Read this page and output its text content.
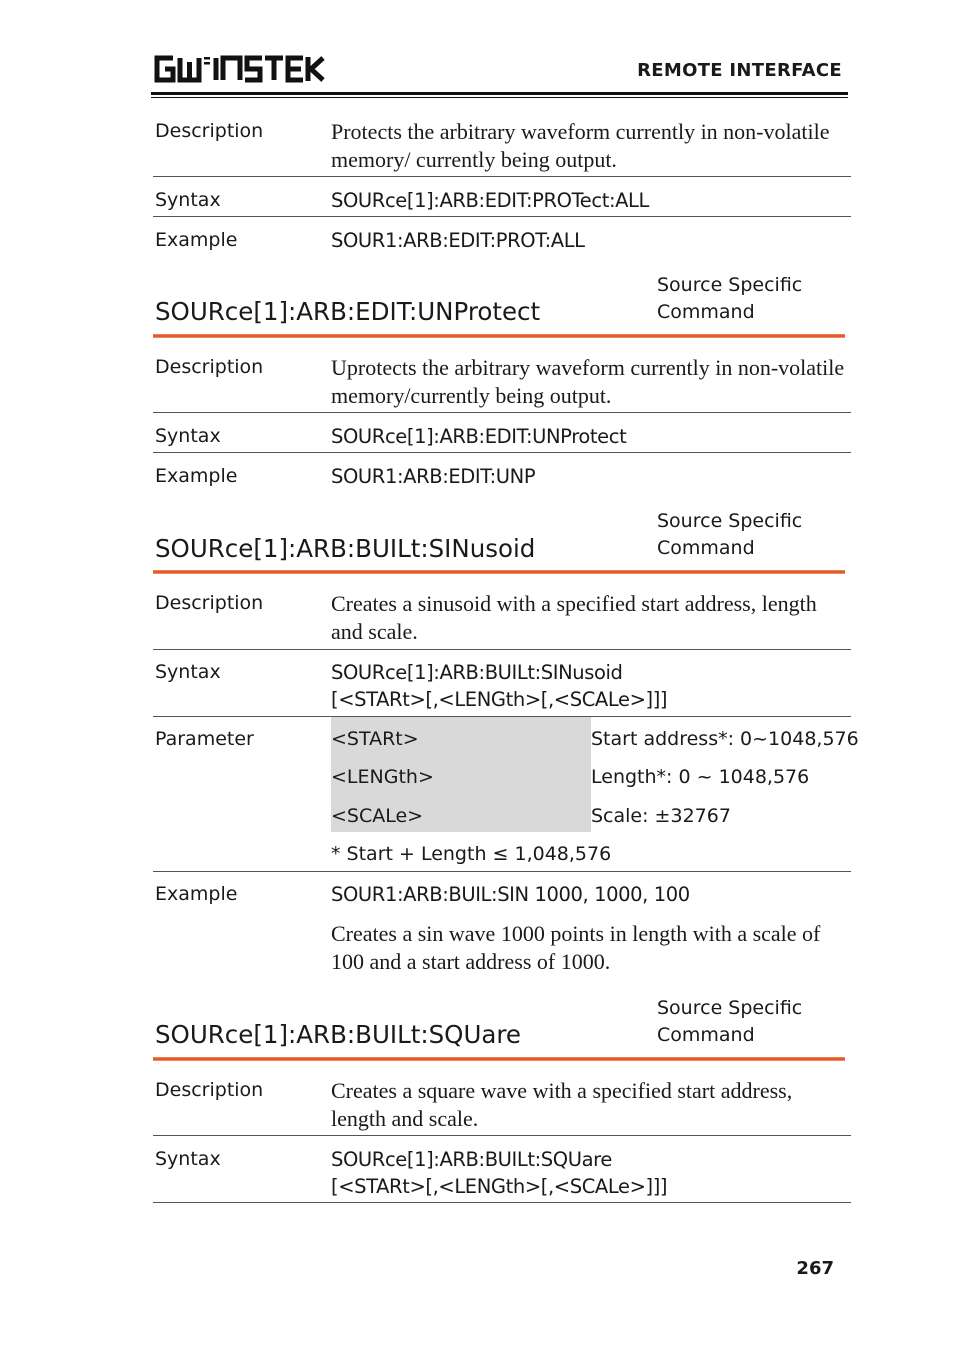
REMOTE INTERFACE
Description	Protects the arbitrary waveform currently in non-volatile memory/ currently being output.
Syntax	SOURce[1]:ARB:EDIT:PROTect:ALL
Example	SOUR1:ARB:EDIT:PROT:ALL
SOURce[1]:ARB:EDIT:UNProtect
Source Specific
Command
Description	Uprotects the arbitrary waveform currently in non-volatile memory/currently being output.
Syntax	SOURce[1]:ARB:EDIT:UNProtect
Example	SOUR1:ARB:EDIT:UNP
SOURce[1]:ARB:BUILt:SINusoid
Source Specific
Command
Description	Creates a sinusoid with a specified start address, length and scale.
Syntax	SOURce[1]:ARB:BUILt:SINusoid
[<STARt>[,<LENGth>[,<SCALe>]]]
Parameter	<STARt>	Start address*: 0~1048,576
<LENGth>	Length*: 0 ~ 1048,576
<SCALe>	Scale: ±32767
* Start + Length ≤ 1,048,576
Example	SOUR1:ARB:BUIL:SIN 1000, 1000, 100
Creates a sin wave 1000 points in length with a scale of 100 and a start address of 1000.
SOURce[1]:ARB:BUILt:SQUare
Source Specific
Command
Description	Creates a square wave with a specified start address, length and scale.
Syntax	SOURce[1]:ARB:BUILt:SQUare
[<STARt>[,<LENGth>[,<SCALe>]]]
267
